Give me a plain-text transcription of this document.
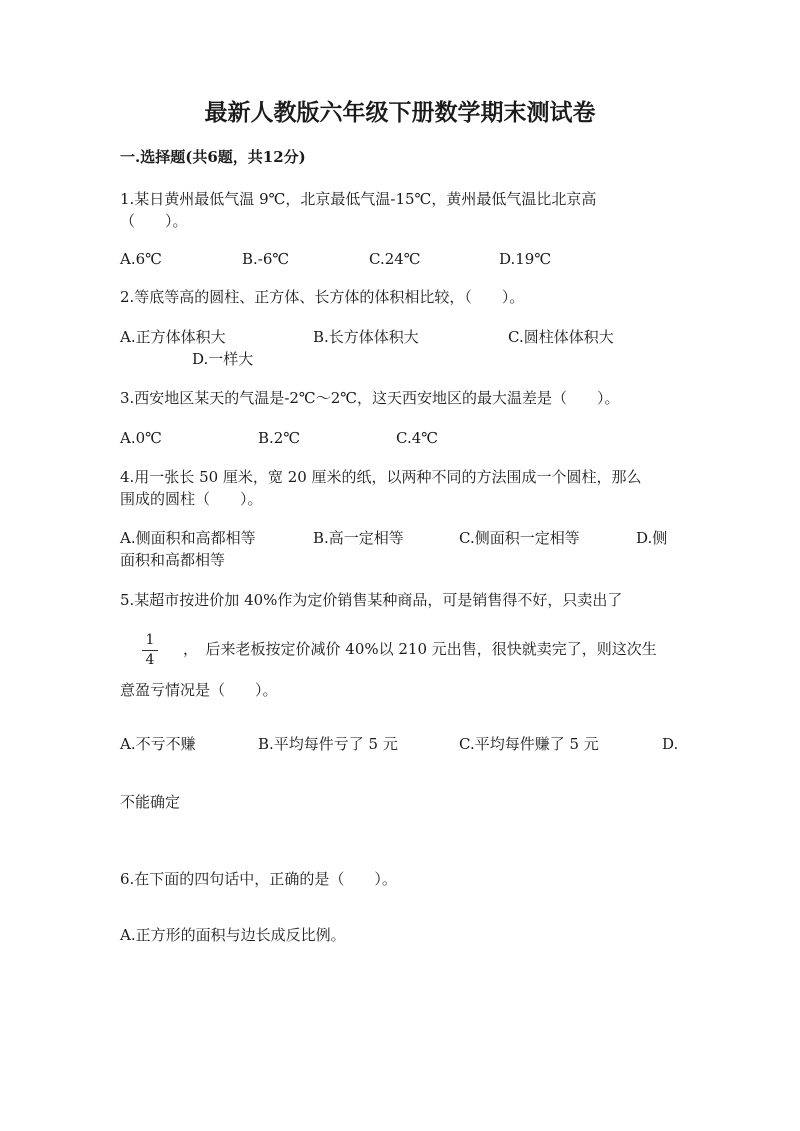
最新人教版六年级下册数学期末测试卷
一.选择题(共6题，共12分)
1.某日黄州最低气温 9℃，北京最低气温-15℃，黄州最低气温比北京高
（　　）。
A.6℃	B.-6℃	C.24℃	D.19℃
2.等底等高的圆柱、正方体、长方体的体积相比较，（　　）。
A.正方体体积大	B.长方体体积大	C.圆柱体体积大
D.一样大
3.西安地区某天的气温是-2℃～2℃，这天西安地区的最大温差是（　　）。
A.0℃	B.2℃	C.4℃
4.用一张长 50 厘米，宽 20 厘米的纸，以两种不同的方法围成一个圆柱，那么
围成的圆柱（　　）。
A.侧面积和高都相等	B.高一定相等	C.侧面积一定相等	D.侧
面积和高都相等
5.某超市按进价加 40%作为定价销售某种商品，可是销售得不好，只卖出了
1
4
，　后来老板按定价减价 40%以 210 元出售，很快就卖完了，则这次生
意盈亏情况是（　　）。
A.不亏不赚	B.平均每件亏了 5 元	C.平均每件赚了 5 元	D.
不能确定
6.在下面的四句话中，正确的是（　　）。
A.正方形的面积与边长成反比例。
